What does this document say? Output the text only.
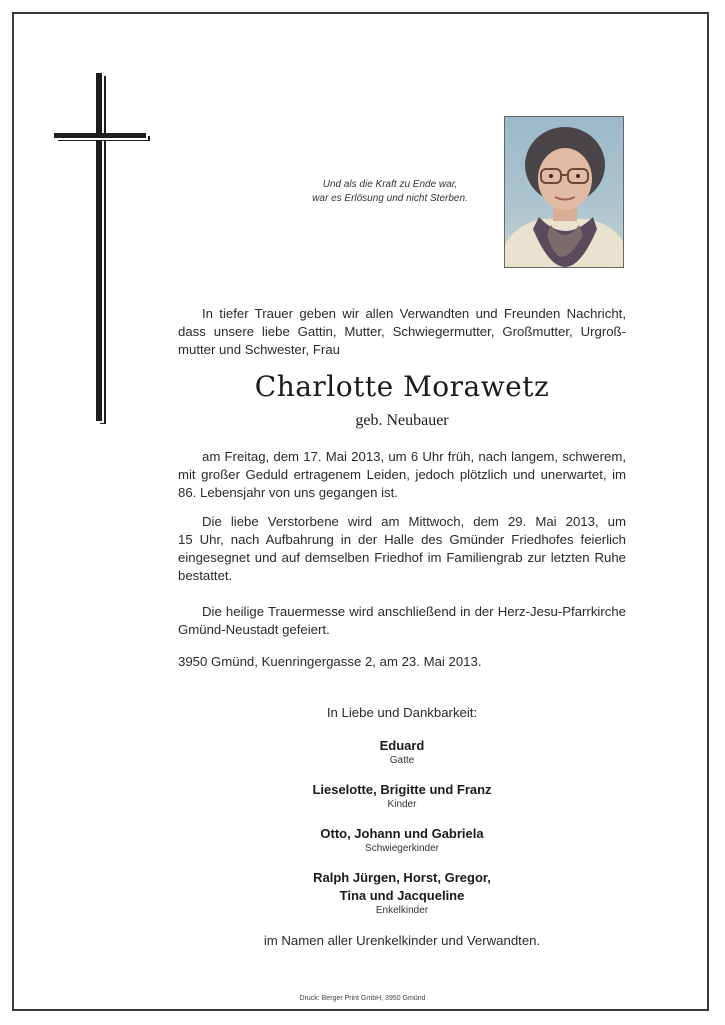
Und als die Kraft zu Ende war,
war es Erlösung und nicht Sterben.
In tiefer Trauer geben wir allen Verwandten und Freunden Nachricht,
dass unsere liebe Gattin, Mutter, Schwiegermutter, Großmutter, Urgroß-
mutter und Schwester, Frau
Charlotte Morawetz
geb. Neubauer
am Freitag, dem 17. Mai 2013, um 6 Uhr früh, nach langem, schwerem,
mit großer Geduld ertragenem Leiden, jedoch plötzlich und unerwartet, im
86. Lebensjahr von uns gegangen ist.
Die liebe Verstorbene wird am Mittwoch, dem 29. Mai 2013, um
15 Uhr, nach Aufbahrung in der Halle des Gmünder Friedhofes feierlich
eingesegnet und auf demselben Friedhof im Familiengrab zur letzten Ruhe
bestattet.
Die heilige Trauermesse wird anschließend in der Herz-Jesu-Pfarrkirche
Gmünd-Neustadt gefeiert.
3950 Gmünd, Kuenringergasse 2, am 23. Mai 2013.
In Liebe und Dankbarkeit:
Eduard
Gatte
Lieselotte, Brigitte und Franz
Kinder
Otto, Johann und Gabriela
Schwiegerkinder
Ralph Jürgen, Horst, Gregor,
Tina und Jacqueline
Enkelkinder
im Namen aller Urenkelkinder und Verwandten.
Druck: Berger Print GmbH, 3950 Gmünd
